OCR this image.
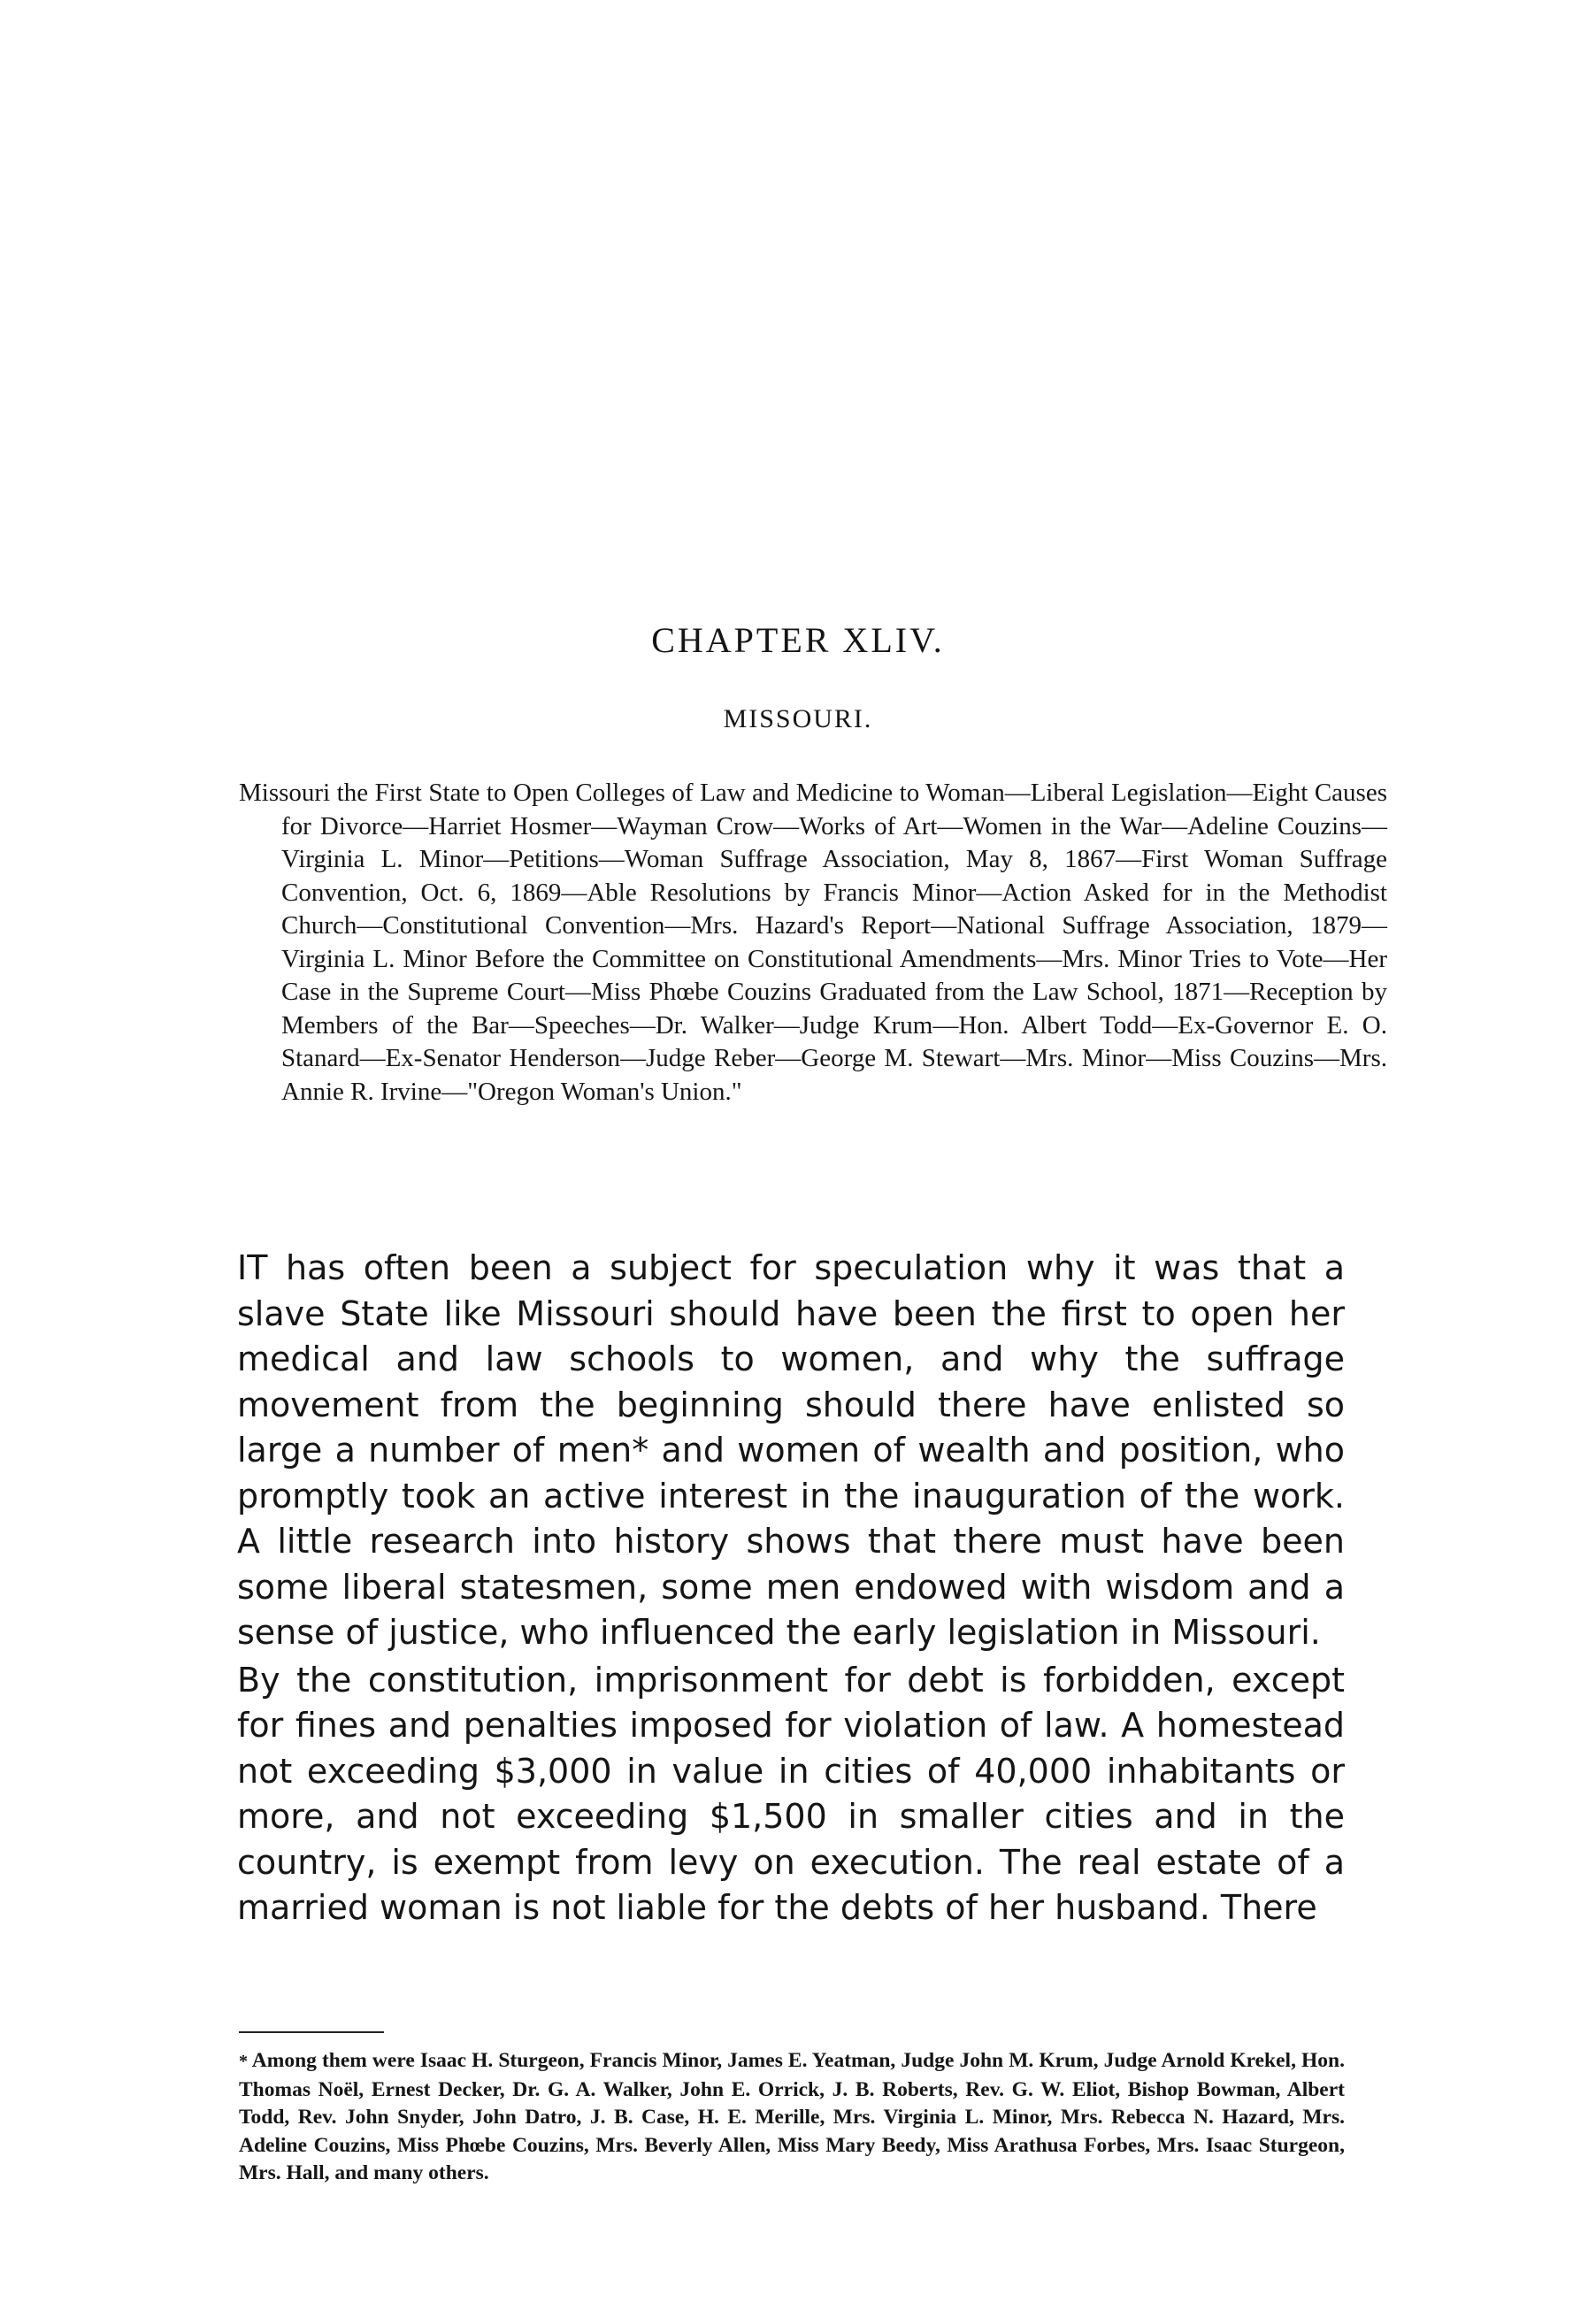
CHAPTER XLIV.
MISSOURI.

Missouri the First State to Open Colleges of Law and Medicine to Woman—Liberal Legislation—Eight Causes for Divorce—Harriet Hosmer—Wayman Crow—Works of Art—Women in the War—Adeline Couzins—Virginia L. Minor—Petitions—Woman Suffrage Association, May 8, 1867—First Woman Suffrage Convention, Oct. 6, 1869—Able Resolutions by Francis Minor—Action Asked for in the Methodist Church—Constitutional Convention—Mrs. Hazard's Report—National Suffrage Association, 1879—Virginia L. Minor Before the Committee on Constitutional Amendments—Mrs. Minor Tries to Vote—Her Case in the Supreme Court—Miss Phœbe Couzins Graduated from the Law School, 1871—Reception by Members of the Bar—Speeches—Dr. Walker—Judge Krum—Hon. Albert Todd—Ex-Governor E. O. Stanard—Ex-Senator Henderson—Judge Reber—George M. Stewart—Mrs. Minor—Miss Couzins—Mrs. Annie R. Irvine—"Oregon Woman's Union."

IT has often been a subject for speculation why it was that a slave State like Missouri should have been the first to open her medical and law schools to women, and why the suffrage movement from the beginning should there have enlisted so large a number of men* and women of wealth and position, who promptly took an active interest in the inauguration of the work. A little research into history shows that there must have been some liberal statesmen, some men endowed with wisdom and a sense of justice, who influenced the early legislation in Missouri.

By the constitution, imprisonment for debt is forbidden, except for fines and penalties imposed for violation of law. A homestead not exceeding $3,000 in value in cities of 40,000 inhabitants or more, and not exceeding $1,500 in smaller cities and in the country, is exempt from levy on execution. The real estate of a married woman is not liable for the debts of her husband. There

* Among them were Isaac H. Sturgeon, Francis Minor, James E. Yeatman, Judge John M. Krum, Judge Arnold Krekel, Hon. Thomas Noël, Ernest Decker, Dr. G. A. Walker, John E. Orrick, J. B. Roberts, Rev. G. W. Eliot, Bishop Bowman, Albert Todd, Rev. John Snyder, John Datro, J. B. Case, H. E. Merille, Mrs. Virginia L. Minor, Mrs. Rebecca N. Hazard, Mrs. Adeline Couzins, Miss Phœbe Couzins, Mrs. Beverly Allen, Miss Mary Beedy, Miss Arathusa Forbes, Mrs. Isaac Sturgeon, Mrs. Hall, and many others.
